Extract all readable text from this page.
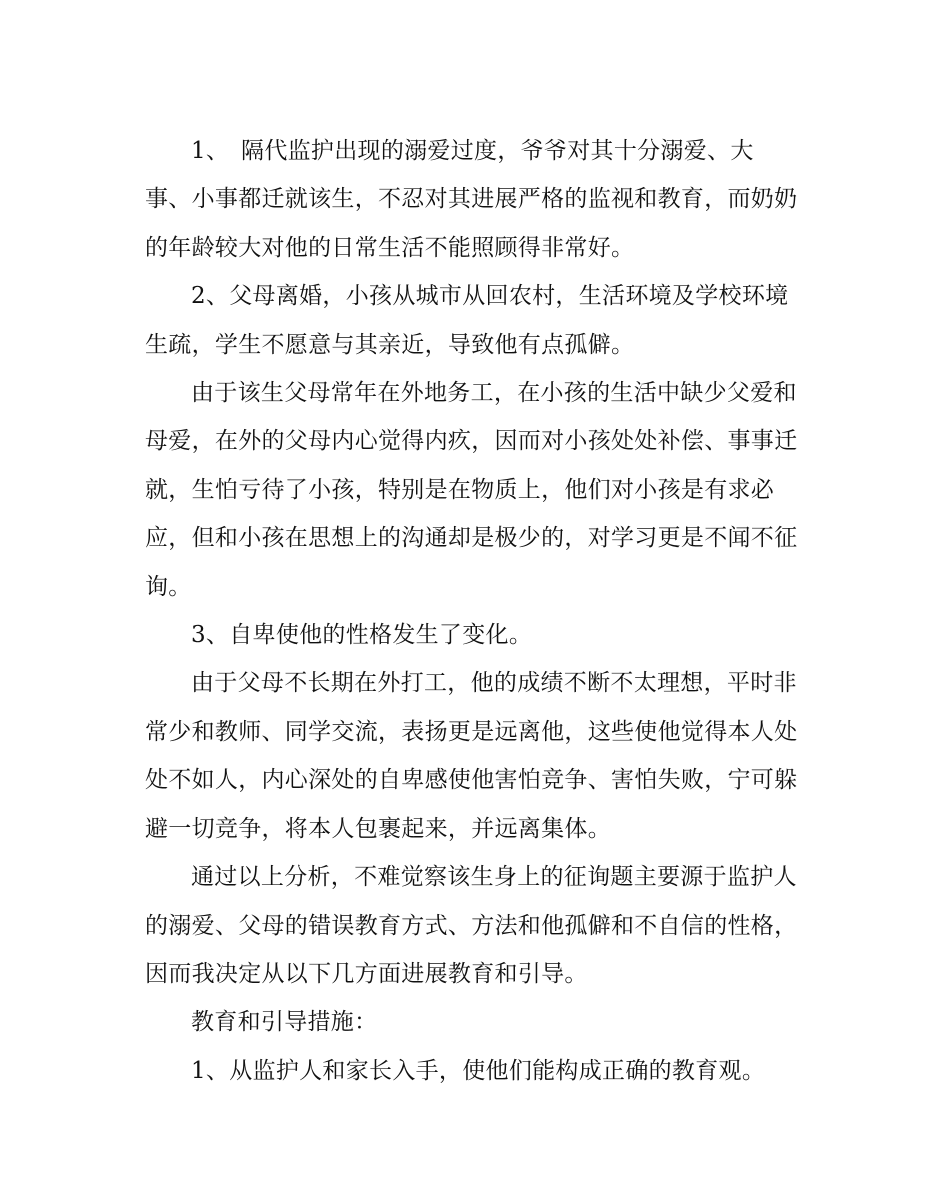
1、　隔代监护出现的溺爱过度，爷爷对其十分溺爱、大事、小事都迁就该生，不忍对其进展严格的监视和教育，而奶奶的年龄较大对他的日常生活不能照顾得非常好。

2、父母离婚，小孩从城市从回农村，生活环境及学校环境生疏，学生不愿意与其亲近，导致他有点孤僻。

由于该生父母常年在外地务工，在小孩的生活中缺少父爱和母爱，在外的父母内心觉得内疚，因而对小孩处处补偿、事事迁就，生怕亏待了小孩，特别是在物质上，他们对小孩是有求必应，但和小孩在思想上的沟通却是极少的，对学习更是不闻不征询。

3、自卑使他的性格发生了变化。

由于父母不长期在外打工，他的成绩不断不太理想，平时非常少和教师、同学交流，表扬更是远离他，这些使他觉得本人处处不如人，内心深处的自卑感使他害怕竞争、害怕失败，宁可躲避一切竞争，将本人包裹起来，并远离集体。

通过以上分析，不难觉察该生身上的征询题主要源于监护人的溺爱、父母的错误教育方式、方法和他孤僻和不自信的性格，因而我决定从以下几方面进展教育和引导。

教育和引导措施：

1、从监护人和家长入手，使他们能构成正确的教育观。
